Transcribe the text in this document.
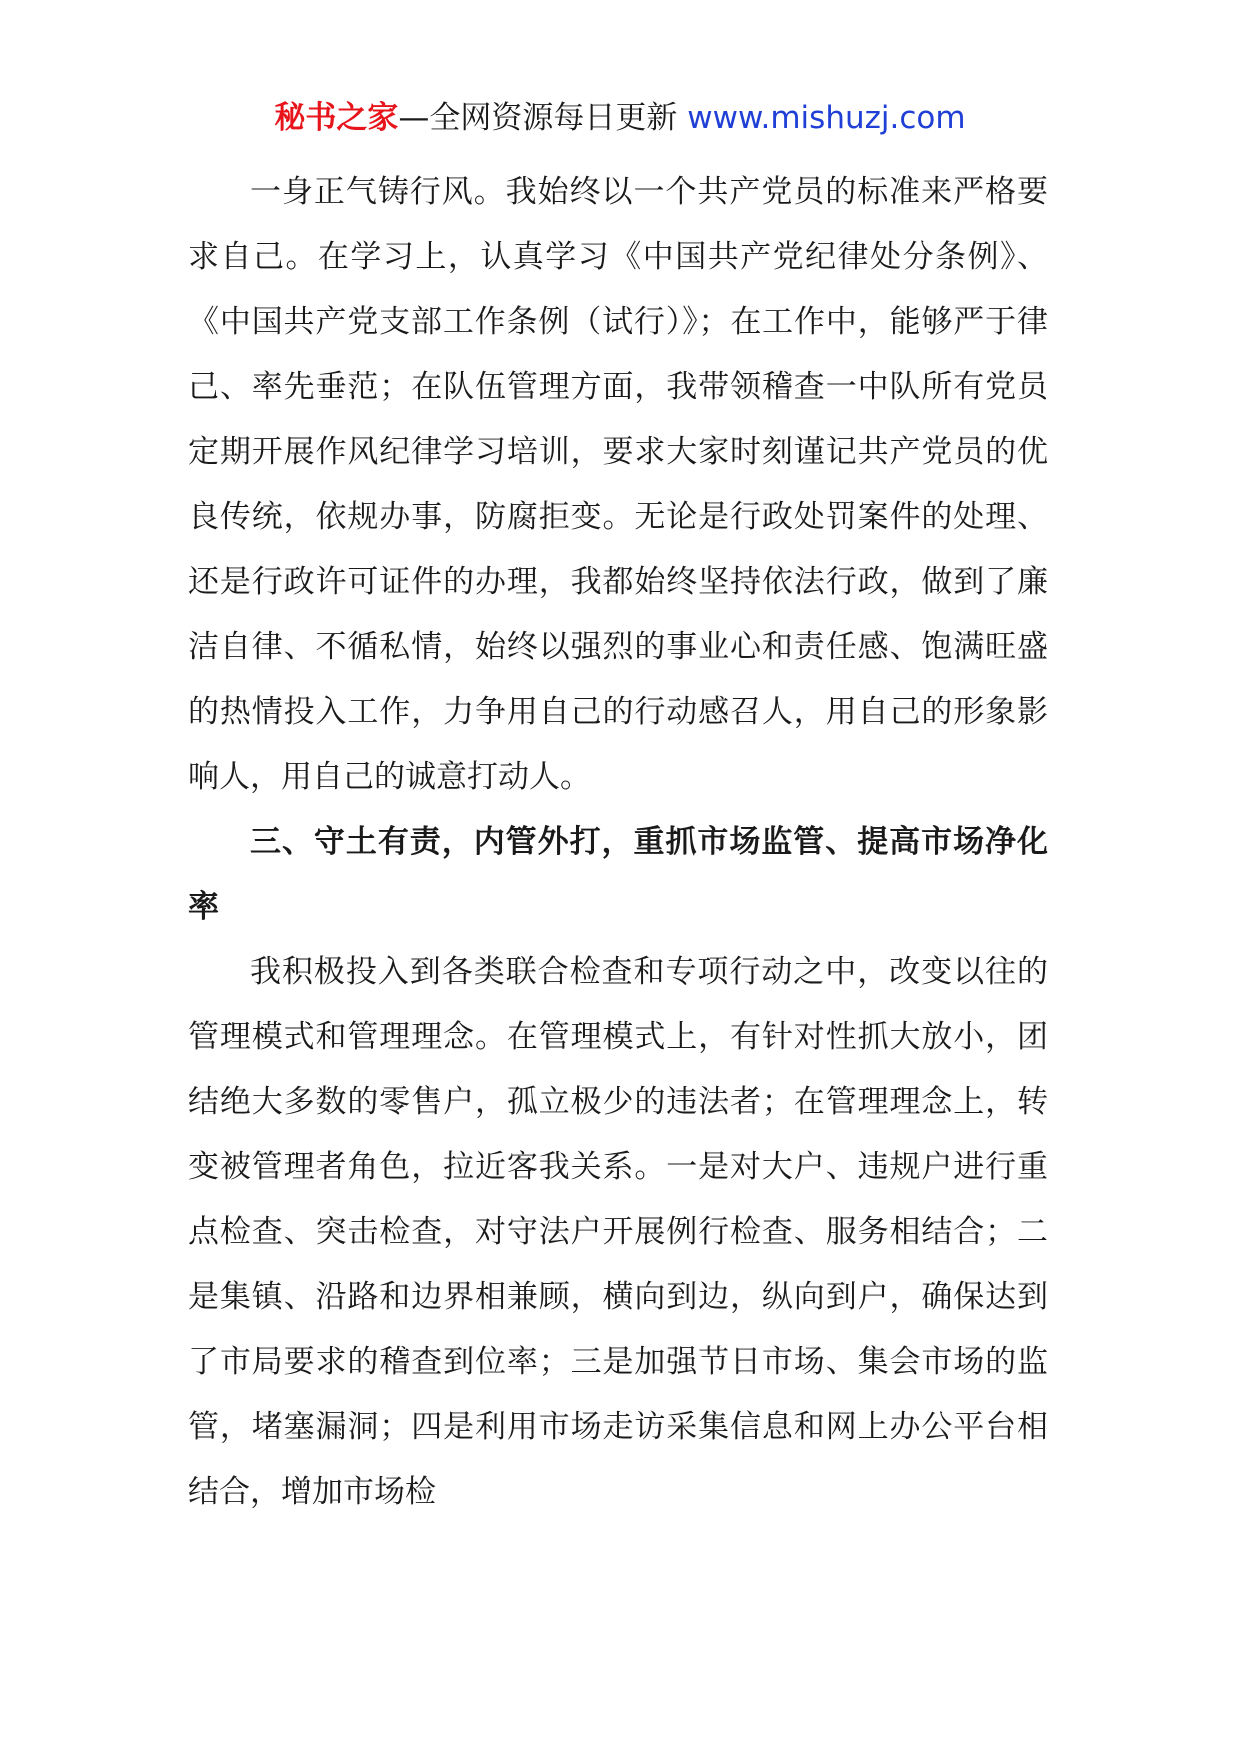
秘书之家—全网资源每日更新 www.mishuzj.com

一身正气铸行风。我始终以一个共产党员的标准来严格要求自己。在学习上，认真学习《中国共产党纪律处分条例》、《中国共产党支部工作条例（试行）》；在工作中，能够严于律己、率先垂范；在队伍管理方面，我带领稽查一中队所有党员定期开展作风纪律学习培训，要求大家时刻谨记共产党员的优良传统，依规办事，防腐拒变。无论是行政处罚案件的处理、还是行政许可证件的办理，我都始终坚持依法行政，做到了廉洁自律、不循私情，始终以强烈的事业心和责任感、饱满旺盛的热情投入工作，力争用自己的行动感召人，用自己的形象影响人，用自己的诚意打动人。

三、守土有责，内管外打，重抓市场监管、提高市场净化率

我积极投入到各类联合检查和专项行动之中，改变以往的管理模式和管理理念。在管理模式上，有针对性抓大放小，团结绝大多数的零售户，孤立极少的违法者；在管理理念上，转变被管理者角色，拉近客我关系。一是对大户、违规户进行重点检查、突击检查，对守法户开展例行检查、服务相结合；二是集镇、沿路和边界相兼顾，横向到边，纵向到户，确保达到了市局要求的稽查到位率；三是加强节日市场、集会市场的监管，堵塞漏洞；四是利用市场走访采集信息和网上办公平台相结合，增加市场检
